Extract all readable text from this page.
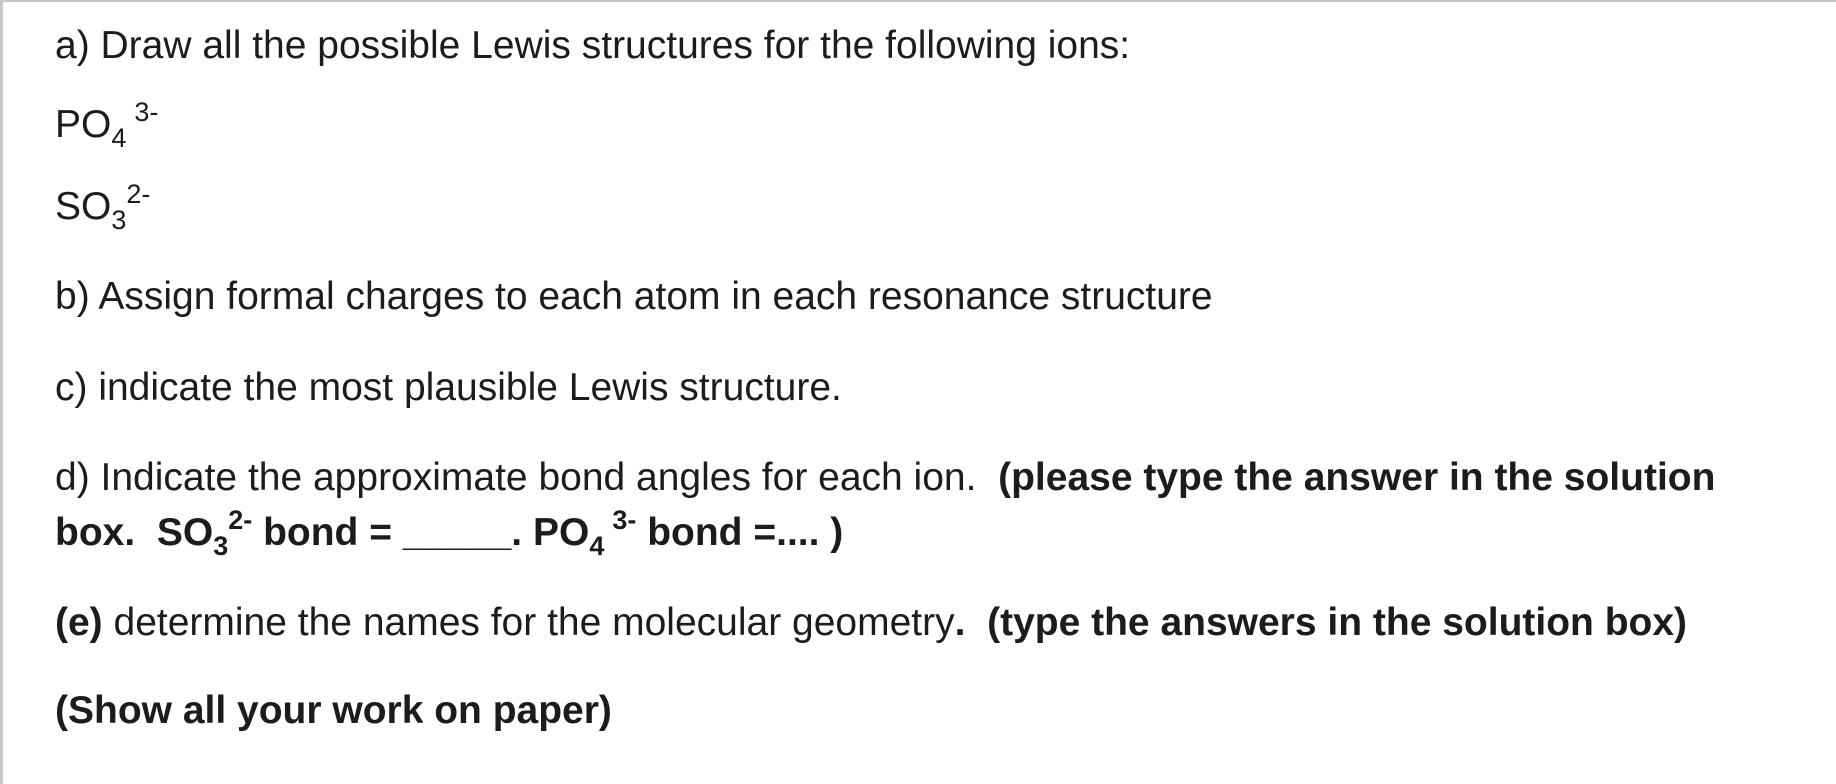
a) Draw all the possible Lewis structures for the following ions:

$PO_4^{3-}$

$SO_3^{2-}$

b) Assign formal charges to each atom in each resonance structure

c) indicate the most plausible Lewis structure.

d) Indicate the approximate bond angles for each ion. (please type the answer in the solution

box. $SO_3^{2-}$ bond = _____. $PO_4^{3-}$ bond =.... )

(e) determine the names for the molecular geometry. (type the answers in the solution box)

(Show all your work on paper)
